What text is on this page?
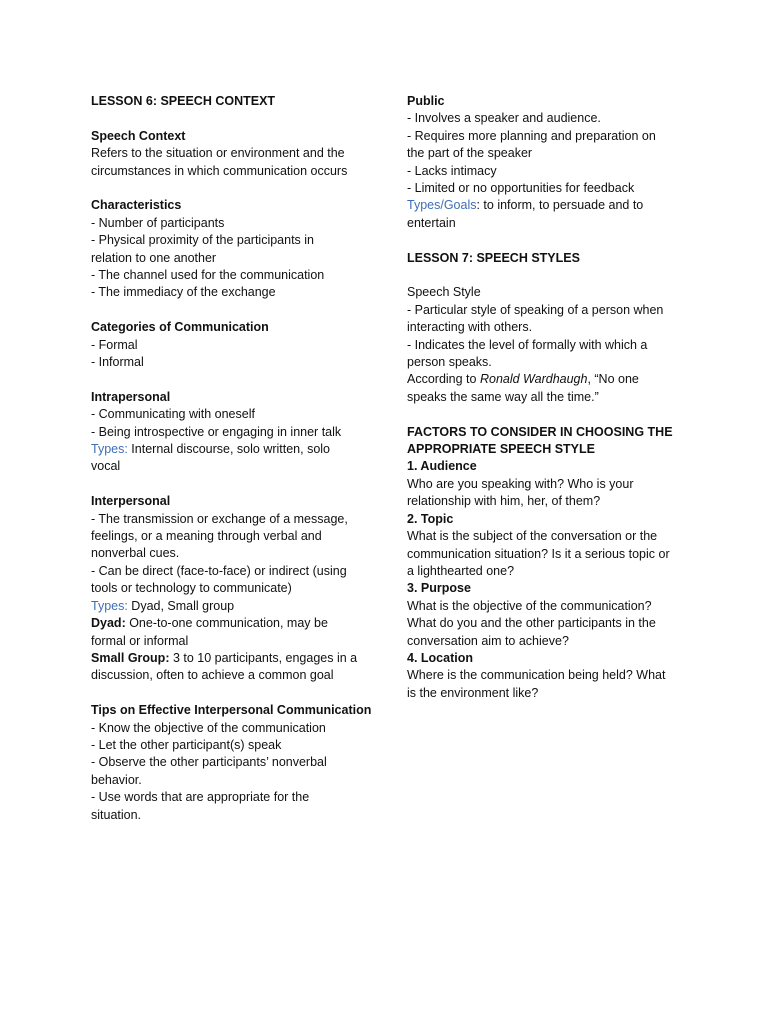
LESSON 6: SPEECH CONTEXT
Speech Context
Refers to the situation or environment and the
circumstances in which communication occurs
Characteristics
- Number of participants
- Physical proximity of the participants in
relation to one another
- The channel used for the communication
- The immediacy of the exchange
Categories of Communication
- Formal
- Informal
Intrapersonal
- Communicating with oneself
- Being introspective or engaging in inner talk
Types: Internal discourse, solo written, solo
vocal
Interpersonal
- The transmission or exchange of a message,
feelings, or a meaning through verbal and
nonverbal cues.
- Can be direct (face-to-face) or indirect (using
tools or technology to communicate)
Types: Dyad, Small group
Dyad: One-to-one communication, may be
formal or informal
Small Group: 3 to 10 participants, engages in a
discussion, often to achieve a common goal
Tips on Effective Interpersonal Communication
- Know the objective of the communication
- Let the other participant(s) speak
- Observe the other participants’ nonverbal
behavior.
- Use words that are appropriate for the
situation.
Public
- Involves a speaker and audience.
- Requires more planning and preparation on
the part of the speaker
- Lacks intimacy
- Limited or no opportunities for feedback
Types/Goals: to inform, to persuade and to
entertain
LESSON 7: SPEECH STYLES
Speech Style
- Particular style of speaking of a person when
interacting with others.
- Indicates the level of formally with which a
person speaks.
According to Ronald Wardhaugh, “No one
speaks the same way all the time.”
FACTORS TO CONSIDER IN CHOOSING THE
APPROPRIATE SPEECH STYLE
1. Audience
Who are you speaking with? Who is your
relationship with him, her, of them?
2. Topic
What is the subject of the conversation or the
communication situation? Is it a serious topic or
a lighthearted one?
3. Purpose
What is the objective of the communication?
What do you and the other participants in the
conversation aim to achieve?
4. Location
Where is the communication being held? What
is the environment like?
